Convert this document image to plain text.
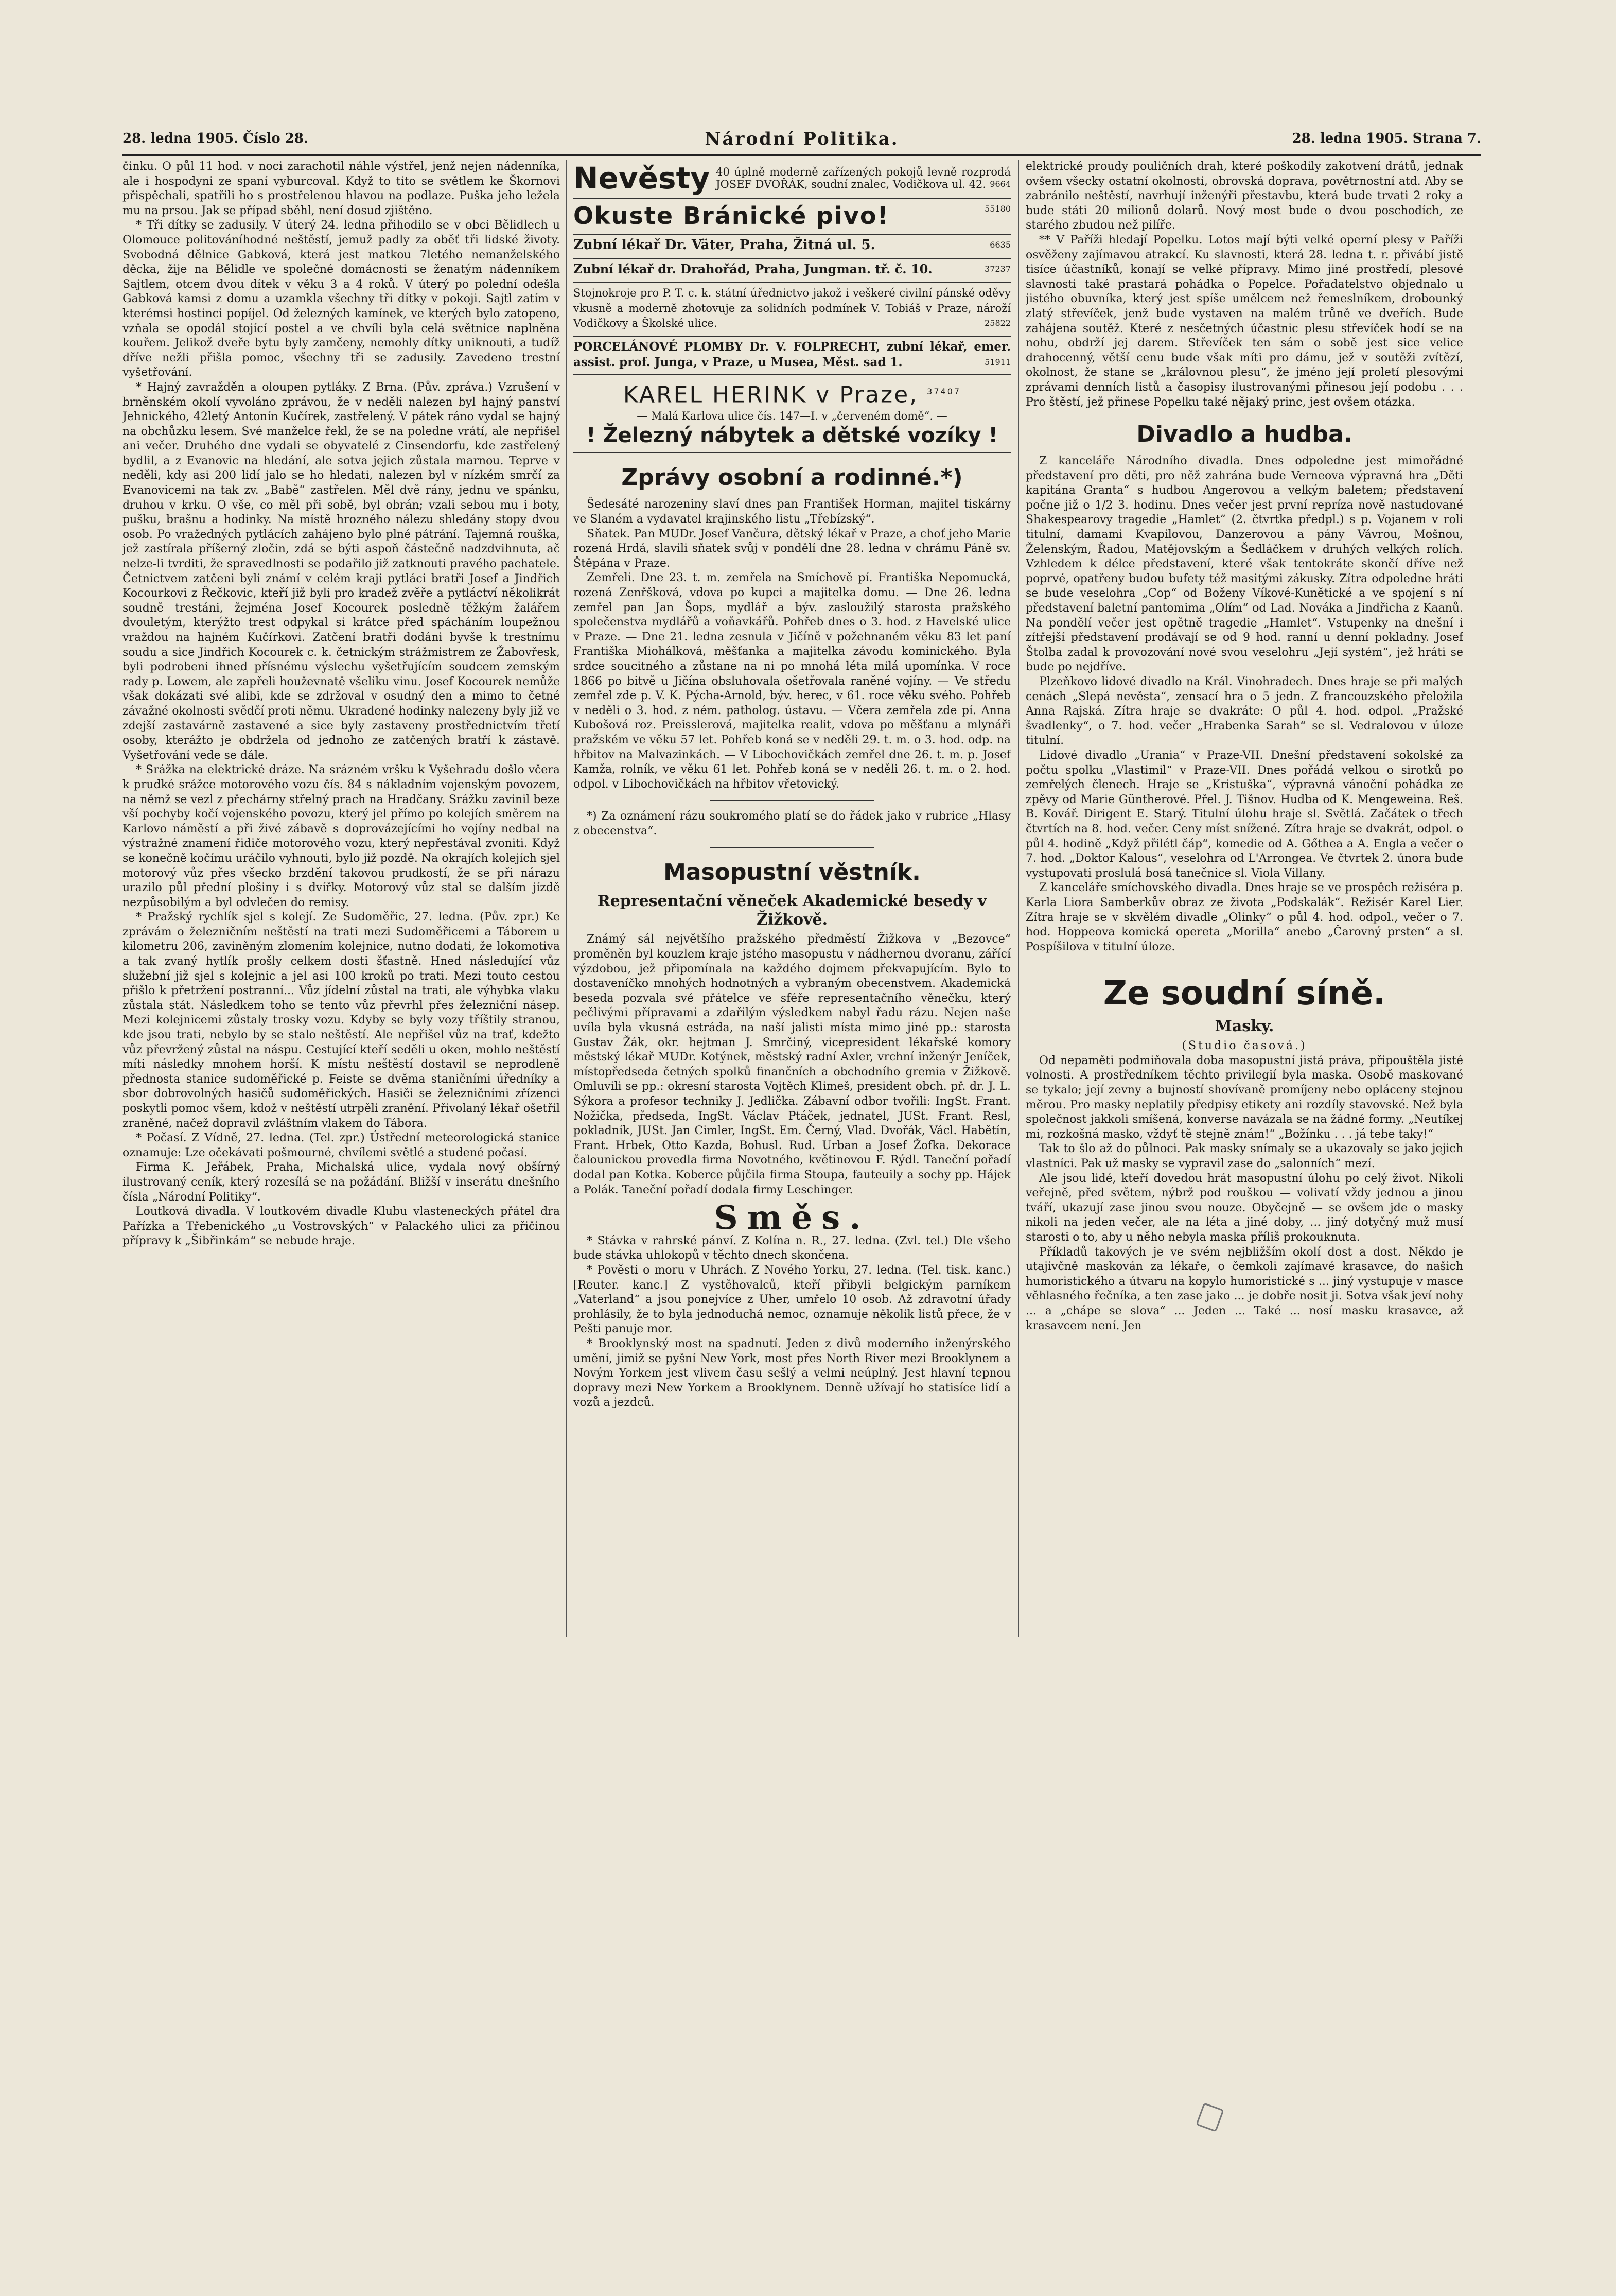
28. ledna 1905. Číslo 28.	Národní Politika.	28. ledna 1905. Strana 7.

činku. O půl 11 hod. v noci zarachotil náhle výstřel, jenž nejen nádenníka, ale i hospodyni ze spaní vyburcoval. Když to tito se světlem ke Škornovi přispěchali, spatřili ho s prostřelenou hlavou na podlaze. Puška jeho ležela mu na prsou. Jak se případ sběhl, není dosud zjištěno.

* Tři dítky se zadusily. V úterý 24. ledna přihodilo se v obci Bělidlech u Olomouce politováníhodné neštěstí, jemuž padly za oběť tři lidské životy. Svobodná dělnice Gabková, která jest matkou 7letého nemanželského děcka, žije na Bělidle ve společné domácnosti se ženatým nádenníkem Sajtlem, otcem dvou dítek v věku 3 a 4 roků. V úterý po polední odešla Gabková kamsi z domu a uzamkla všechny tři dítky v pokoji. Sajtl zatím v kterémsi hostinci popíjel. Od železných kamínek, ve kterých bylo zatopeno, vzňala se opodál stojící postel a ve chvíli byla celá světnice naplněna kouřem. Jelikož dveře bytu byly zamčeny, nemohly dítky uniknouti, a tudíž dříve nežli přišla pomoc, všechny tři se zadusily. Zavedeno trestní vyšetřování.

* Hajný zavražděn a oloupen pytláky. Z Brna. (Pův. zpráva.) Vzrušení v brněnském okolí vyvoláno zprávou, že v neděli nalezen byl hajný panství Jehnického, 42letý Antonín Kučírek, zastřelený. V pátek ráno vydal se hajný na obchůzku lesem. Své manželce řekl, že se na poledne vrátí, ale nepřišel ani večer. Druhého dne vydali se obyvatelé z Cinsendorfu, kde zastřelený bydlil, a z Evanovic na hledání, ale sotva jejich zůstala marnou. Teprve v neděli, kdy asi 200 lidí jalo se ho hledati, nalezen byl v nízkém smrčí za Evanovicemi na tak zv. „Babě“ zastřelen. Měl dvě rány, jednu ve spánku, druhou v krku. O vše, co měl při sobě, byl obrán; vzali sebou mu i boty, pušku, brašnu a hodinky. Na místě hrozného nálezu shledány stopy dvou osob. Po vražedných pytlácích zahájeno bylo plné pátrání. Tajemná rouška, jež zastírala příšerný zločin, zdá se býti aspoň částečně nadzdvihnuta, ač nelze-li tvrditi, že spravedlnosti se podařilo již zatknouti pravého pachatele. Četnictvem zatčeni byli známí v celém kraji pytláci bratři Josef a Jindřich Kocourkovi z Řečkovic, kteří již byli pro kradež zvěře a pytláctví několikrát soudně trestáni, žejména Josef Kocourek posledně těžkým žalářem dvouletým, kterýžto trest odpykal si krátce před spácháním loupežnou vraždou na hajném Kučírkovi. Zatčení bratři dodáni byvše k trestnímu soudu a sice Jindřich Kocourek c. k. četnickým strážmistrem ze Žabovřesk, byli podrobeni ihned přísnému výslechu vyšetřujícím soudcem zemským rady p. Lowem, ale zapřeli houževnatě všeliku vinu. Josef Kocourek nemůže však dokázati své alibi, kde se zdržoval v osudný den a mimo to četné závažné okolnosti svědčí proti němu. Ukradené hodinky nalezeny byly již ve zdejší zastavárně zastavené a sice byly zastaveny prostřednictvím třetí osoby, kterážto je obdržela od jednoho ze zatčených bratří k zástavě. Vyšetřování vede se dále.

* Srážka na elektrické dráze. Na srázném vršku k Vyšehradu došlo včera k prudké srážce motorového vozu čís. 84 s nákladním vojenským povozem, na němž se vezl z přechárny střelný prach na Hradčany. Srážku zavinil beze vší pochyby kočí vojenského povozu, který jel přímo po kolejích směrem na Karlovo náměstí a při živé zábavě s doprovázejícími ho vojíny nedbal na výstražné znamení řidiče motorového vozu, který nepřestával zvoniti. Když se konečně kočímu uráčilo vyhnouti, bylo již pozdě. Na okrajích kolejích sjel motorový vůz přes všecko brzdění takovou prudkostí, že se při nárazu urazilo půl přední plošiny i s dvířky. Motorový vůz stal se dalším jízdě nezpůsobilým a byl odvlečen do remisy.

* Pražský rychlík sjel s kolejí. Ze Sudoměřic, 27. ledna. (Pův. zpr.) Ke zprávám o železničním neštěstí na trati mezi Sudoměřicemi a Táborem u kilometru 206, zaviněným zlomením kolejnice, nutno dodati, že lokomotiva a tak zvaný hytlík prošly celkem dosti šťastně. Hned následující vůz služební již sjel s kolejnic a jel asi 100 kroků po trati. Mezi touto cestou přišlo k přetržení postranní... Vůz jídelní zůstal na trati, ale výhybka vlaku zůstala stát. Následkem toho se tento vůz převrhl přes železniční násep. Mezi kolejnicemi zůstaly trosky vozu. Kdyby se byly vozy tříštily stranou, kde jsou trati, nebylo by se stalo neštěstí. Ale nepřišel vůz na trať, kdežto vůz převržený zůstal na náspu. Cestující kteří seděli u oken, mohlo neštěstí míti následky mnohem horší. K místu neštěstí dostavil se neprodleně přednosta stanice sudoměřické p. Feiste se dvěma staničními úředníky a sbor dobrovolných hasičů sudoměřických. Hasiči se železničními zřízenci poskytli pomoc všem, kdož v neštěstí utrpěli zranění. Přivolaný lékař ošetřil zraněné, načež dopravil zvláštním vlakem do Tábora.

* Počasí. Z Vídně, 27. ledna. (Tel. zpr.) Ústřední meteorologická stanice oznamuje: Lze očekávati pošmourné, chvílemi světlé a studené počasí.

Firma K. Jeřábek, Praha, Michalská ulice, vydala nový obšírný ilustrovaný ceník, který rozesílá se na požádání. Bližší v inserátu dnešního čísla „Národní Politiky“.

Loutková divadla. V loutkovém divadle Klubu vlasteneckých přátel dra Pařízka a Třebenického „u Vostrovských“ v Palackého ulici za přičinou přípravy k „Šibřinkám“ se nebude hraje.

Nevěsty 40 úplně moderně zařízených pokojů levně rozprodá JOSEF DVOŘÁK, soudní znalec, Vodičkova ul. 42. 9664
Okuste Bránické pivo!	55180
Zubní lékař Dr. Väter, Praha, Žitná ul. 5.	6635
Zubní lékař dr. Drahořád, Praha, Jungman. tř. č. 10.	37237
Stojnokroje pro P. T. c. k. státní úřednictvo jakož i veškeré civilní pánské oděvy vkusně a moderně zhotovuje za solidních podmínek V. Tobiáš v Praze, nároží Vodičkovy a Školské ulice.	25822
PORCELÁNOVÉ PLOMBY Dr. V. FOLPRECHT, zubní lékař, emer. assist. prof. Junga, v Praze, u Musea, Měst. sad 1.	51911
KAREL HERINK v Praze, $^{37407}$
— Malá Karlova ulice čís. 147—I. v „červeném domě“. —
! Železný nábytek a dětské vozíky !
Zprávy osobní a rodinné.*)

Šedesáté narozeniny slaví dnes pan František Horman, majitel tiskárny ve Slaném a vydavatel krajinského listu „Třebízský“.

Sňatek. Pan MUDr. Josef Vančura, dětský lékař v Praze, a choť jeho Marie rozená Hrdá, slavili sňatek svůj v pondělí dne 28. ledna v chrámu Páně sv. Štěpána v Praze.

Zemřeli. Dne 23. t. m. zemřela na Smíchově pí. Františka Nepomucká, rozená Zenřšková, vdova po kupci a majitelka domu. — Dne 26. ledna zemřel pan Jan Šops, mydlář a býv. zasloužilý starosta pražského společenstva mydlářů a voňavkářů. Pohřeb dnes o 3. hod. z Havelské ulice v Praze. — Dne 21. ledna zesnula v Jičíně v požehnaném věku 83 let paní Františka Miohálková, měšťanka a majitelka závodu kominického. Byla srdce soucitného a zůstane na ni po mnohá léta milá upomínka. V roce 1866 po bitvě u Jičína obsluhovala ošetřovala raněné vojíny. — Ve středu zemřel zde p. V. K. Pýcha-Arnold, býv. herec, v 61. roce věku svého. Pohřeb v neděli o 3. hod. z ném. patholog. ústavu. — Včera zemřela zde pí. Anna Kubošová roz. Preisslerová, majitelka realit, vdova po měšťanu a mlynáři pražském ve věku 57 let. Pohřeb koná se v neděli 29. t. m. o 3. hod. odp. na hřbitov na Malvazinkách. — V Libochovičkách zemřel dne 26. t. m. p. Josef Kamža, rolník, ve věku 61 let. Pohřeb koná se v neděli 26. t. m. o 2. hod. odpol. v Libochovičkách na hřbitov vřetovický.

*) Za oznámení rázu soukromého platí se do řádek jako v rubrice „Hlasy z obecenstva“.

Masopustní věstník.
Representační věneček Akademické besedy v Žižkově.

Známý sál největšího pražského předměstí Žižkova v „Bezovce“ proměněn byl kouzlem kraje jstého masopustu v nádhernou dvoranu, zářící výzdobou, jež připomínala na každého dojmem překvapujícím. Bylo to dostaveníčko mnohých hodnotných a vybraným obecenstvem. Akademická beseda pozvala své přátelce ve sféře representačního věnečku, který pečlivými přípravami a zdařilým výsledkem nabyl řadu rázu. Nejen naše uvíla byla vkusná estráda, na naší jalisti místa mimo jiné pp.: starosta Gustav Žák, okr. hejtman J. Smrčiný, vicepresident lékařské komory městský lékař MUDr. Kotýnek, městský radní Axler, vrchní inženýr Jeníček, místopředseda četných spolků finančních a obchodního gremia v Žižkově. Omluvili se pp.: okresní starosta Vojtěch Klimeš, president obch. př. dr. J. L. Sýkora a profesor techniky J. Jedlička. Zábavní odbor tvořili: IngSt. Frant. Nožička, předseda, IngSt. Václav Ptáček, jednatel, JUSt. Frant. Resl, pokladník, JUSt. Jan Cimler, IngSt. Em. Černý, Vlad. Dvořák, Václ. Habětín, Frant. Hrbek, Otto Kazda, Bohusl. Rud. Urban a Josef Žofka. Dekorace čalounickou provedla firma Novotného, květinovou F. Rýdl. Taneční pořadí dodal pan Kotka. Koberce půjčila firma Stoupa, fauteuily a sochy pp. Hájek a Polák. Taneční pořadí dodala firmy Leschinger.

Směs.

* Stávka v rahrské pánví. Z Kolína n. R., 27. ledna. (Zvl. tel.) Dle všeho bude stávka uhlokopů v těchto dnech skončena.

* Pověsti o moru v Uhrách. Z Nového Yorku, 27. ledna. (Tel. tisk. kanc.) [Reuter. kanc.] Z vystěhovalců, kteří přibyli belgickým parníkem „Vaterland“ a jsou ponejvíce z Uher, umřelo 10 osob. Až zdravotní úřady prohlásily, že to byla jednoduchá nemoc, oznamuje několik listů přece, že v Pešti panuje mor.

* Brooklynský most na spadnutí. Jeden z divů moderního inženýrského umění, jimiž se pyšní New York, most přes North River mezi Brooklynem a Novým Yorkem jest vlivem času sešlý a velmi neúplný. Jest hlavní tepnou dopravy mezi New Yorkem a Brooklynem. Denně užívají ho statisíce lidí a vozů a jezdců.

elektrické proudy pouličních drah, které poškodily zakotvení drátů, jednak ovšem všecky ostatní okolnosti, obrovská doprava, povětrnostní atd. Aby se zabránilo neštěstí, navrhují inženýři přestavbu, která bude trvati 2 roky a bude státi 20 milionů dolarů. Nový most bude o dvou poschodích, ze starého zbudou než pilíře.

** V Paříži hledají Popelku. Lotos mají býti velké operní plesy v Paříži osvěženy zajímavou atrakcí. Ku slavnosti, která 28. ledna t. r. přivábí jistě tisíce účastníků, konají se velké přípravy. Mimo jiné prostředí, plesové slavnosti také prastará pohádka o Popelce. Pořadatelstvo objednalo u jistého obuvníka, který jest spíše umělcem než řemeslníkem, drobounký zlatý střevíček, jenž bude vystaven na malém trůně ve dveřích. Bude zahájena soutěž. Které z nesčetných účastnic plesu střevíček hodí se na nohu, obdrží jej darem. Střevíček ten sám o sobě jest sice velice drahocenný, větší cenu bude však míti pro dámu, jež v soutěži zvítězí, okolnost, že stane se „královnou plesu“, že jméno její proletí plesovými zprávami denních listů a časopisy ilustrovanými přinesou její podobu . . . Pro štěstí, jež přinese Popelku také nějaký princ, jest ovšem otázka.

Divadlo a hudba.

Z kanceláře Národního divadla. Dnes odpoledne jest mimořádné představení pro děti, pro něž zahrána bude Verneova výpravná hra „Děti kapitána Granta“ s hudbou Angerovou a velkým baletem; představení počne již o 1/2 3. hodinu. Dnes večer jest první repríza nově nastudované Shakespearovy tragedie „Hamlet“ (2. čtvrtka předpl.) s p. Vojanem v roli titulní, damami Kvapilovou, Danzerovou a pány Vávrou, Mošnou, Želenským, Řadou, Matějovským a Šedláčkem v druhých velkých rolích. Vzhledem k délce představení, které však tentokráte skončí dříve než poprvé, opatřeny budou bufety též masitými zákusky. Zítra odpoledne hráti se bude veselohra „Cop“ od Boženy Víkové-Kunětické a ve spojení s ní představení baletní pantomima „Olím“ od Lad. Nováka a Jindřicha z Kaanů. Na pondělí večer jest opětně tragedie „Hamlet“. Vstupenky na dnešní i zítřejší představení prodávají se od 9 hod. ranní u denní pokladny. Josef Štolba zadal k provozování nové svou veselohru „Její systém“, jež hráti se bude po nejdříve.

Plzeňkovo lidové divadlo na Král. Vinohradech. Dnes hraje se při malých cenách „Slepá nevěsta“, zensací hra o 5 jedn. Z francouzského přeložila Anna Rajská. Zítra hraje se dvakráte: O půl 4. hod. odpol. „Pražské švadlenky“, o 7. hod. večer „Hrabenka Sarah“ se sl. Vedralovou v úloze titulní.

Lidové divadlo „Urania“ v Praze-VII. Dnešní představení sokolské za počtu spolku „Vlastimil“ v Praze-VII. Dnes pořádá velkou o sirotků po zemřelých členech. Hraje se „Kristuška“, výpravná vánoční pohádka ze zpěvy od Marie Güntherové. Přel. J. Tišnov. Hudba od K. Mengeweina. Reš. B. Kovář. Dirigent E. Starý. Titulní úlohu hraje sl. Světlá. Začátek o třech čtvrtích na 8. hod. večer. Ceny míst snížené. Zítra hraje se dvakrát, odpol. o půl 4. hodině „Když přilétl čáp“, komedie od A. Gőthea a A. Engla a večer o 7. hod. „Doktor Kalous“, veselohra od L'Arrongea. Ve čtvrtek 2. února bude vystupovati proslulá bosá tanečnice sl. Viola Villany.

Z kanceláře smíchovského divadla. Dnes hraje se ve prospěch režiséra p. Karla Liora Samberkův obraz ze života „Podskalák“. Režisér Karel Lier. Zítra hraje se v skvělém divadle „Olinky“ o půl 4. hod. odpol., večer o 7. hod. Hoppeova komická opereta „Morilla“ anebo „Čarovný prsten“ a sl. Pospíšilova v titulní úloze.

Ze soudní síně.
Masky.
(Studio časová.)

Od nepaměti podmiňovala doba masopustní jistá práva, připouštěla jisté volnosti. A prostředníkem těchto privilegií byla maska. Osobě maskované se tykalo; její zevny a bujností shovívaně promíjeny nebo opláceny stejnou měrou. Pro masky neplatily předpisy etikety ani rozdíly stavovské. Než byla společnost jakkoli smíšená, konverse navázala se na žádné formy. „Neutíkej mi, rozkošná masko, vždyť tě stejně znám!“ „Božínku . . . já tebe taky!“

Tak to šlo až do půlnoci. Pak masky snímaly se a ukazovaly se jako jejich vlastníci. Pak už masky se vypravil zase do „salonních“ mezí.

Ale jsou lidé, kteří dovedou hrát masopustní úlohu po celý život. Nikoli veřejně, před světem, nýbrž pod rouškou — volivatí vždy jednou a jinou tváří, ukazují zase jinou svou nouze. Obyčejně — se ovšem jde o masky nikoli na jeden večer, ale na léta a jiné doby, ... jiný dotyčný muž musí starosti o to, aby u něho nebyla maska příliš prokouknuta.

Příkladů takových je ve svém nejbližším okolí dost a dost. Někdo je utajivčně maskován za lékaře, o čemkoli zajímavé krasavce, do našich humoristického a útvaru na kopylo humoristické s ... jiný vystupuje v masce věhlasného řečníka, a ten zase jako ... je dobře nosit ji. Sotva však jeví nohy ... a „chápe se slova“ ... Jeden ... Také ... nosí masku krasavce, až krasavcem není. Jen
